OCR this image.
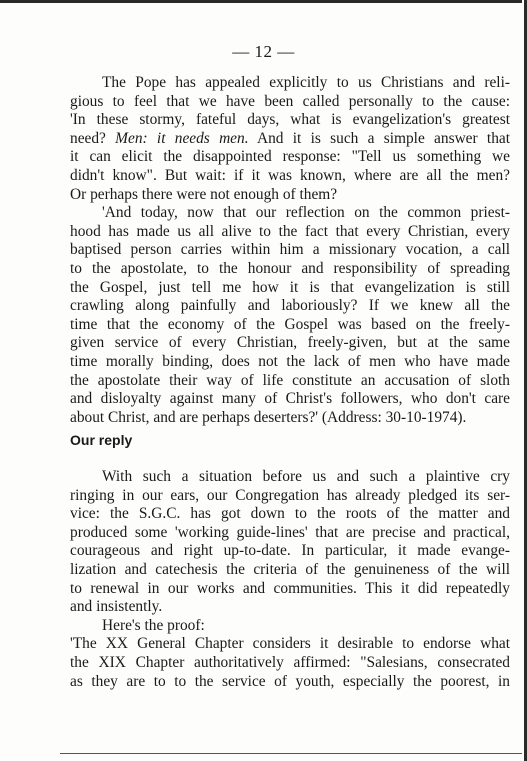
— 12 —

The Pope has appealed explicitly to us Christians and reli-
gious to feel that we have been called personally to the cause:
'In these stormy, fateful days, what is evangelization's greatest
need? Men: it needs men. And it is such a simple answer that
it can elicit the disappointed response: "Tell us something we
didn't know". But wait: if it was known, where are all the men?
Or perhaps there were not enough of them?

'And today, now that our reflection on the common priest-
hood has made us all alive to the fact that every Christian, every
baptised person carries within him a missionary vocation, a call
to the apostolate, to the honour and responsibility of spreading
the Gospel, just tell me how it is that evangelization is still
crawling along painfully and laboriously? If we knew all the
time that the economy of the Gospel was based on the freely-
given service of every Christian, freely-given, but at the same
time morally binding, does not the lack of men who have made
the apostolate their way of life constitute an accusation of sloth
and disloyalty against many of Christ's followers, who don't care
about Christ, and are perhaps deserters?' (Address: 30-10-1974).

Our reply

With such a situation before us and such a plaintive cry
ringing in our ears, our Congregation has already pledged its ser-
vice: the S.G.C. has got down to the roots of the matter and
produced some 'working guide-lines' that are precise and practical,
courageous and right up-to-date. In particular, it made evange-
lization and catechesis the criteria of the genuineness of the will
to renewal in our works and communities. This it did repeatedly
and insistently.

Here's the proof:

'The XX General Chapter considers it desirable to endorse what
the XIX Chapter authoritatively affirmed: "Salesians, consecrated
as they are to to the service of youth, especially the poorest, in
